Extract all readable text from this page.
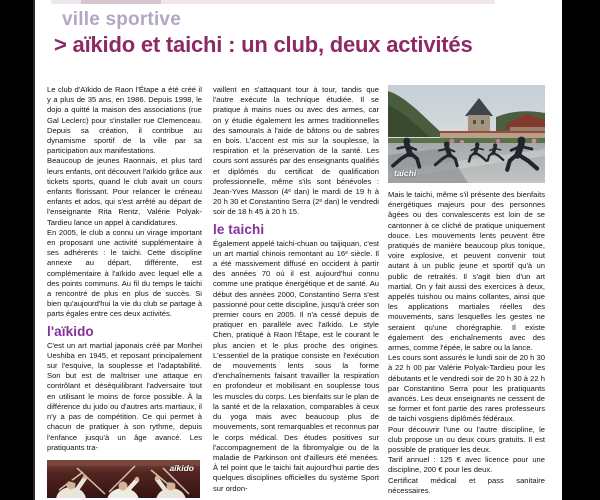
ville sportive
> aïkido et taichi : un club, deux activités

Le club d'Aïkido de Raon l'Étape a été créé il y a plus de 35 ans, en 1986. Depuis 1998, le dojo a quitté la maison des associations (rue Gal Leclerc) pour s'installer rue Clemenceau. Depuis sa création, il contribue au dynamisme sportif de la ville par sa participation aux manifestations.

Beaucoup de jeunes Raonnais, et plus tard leurs enfants, ont découvert l'aïkido grâce aux tickets sports, quand le club avait un cours enfants florissant. Pour relancer le créneau enfants et ados, qui s'est arrêté au départ de l'enseignante Rita Rentz, Valérie Polyak-Tardieu lance un appel à candidatures.

En 2005, le club a connu un virage important en proposant une activité supplémentaire à ses adhérents : le taichi. Cette discipline annexe au départ, différente, est complémentaire à l'aïkido avec lequel elle a des points communs. Au fil du temps le taichi a rencontré de plus en plus de succès. Si bien qu'aujourd'hui la vie du club se partage à parts égales entre ces deux activités.

l'aïkido

C'est un art martial japonais créé par Morihei Ueshiba en 1945, et reposant principalement sur l'esquive, la souplesse et l'adaptabilité. Son but est de maîtriser une attaque en contrôlant et déséquilibrant l'adversaire tout en utilisant le moins de force possible. À la différence du judo ou d'autres arts martiaux, il n'y a pas de compétition. Ce qui permet à chacun de pratiquer à son rythme, depuis l'enfance jusqu'à un âge avancé. Les pratiquants tra-

aïkido

vaillent en s'attaquant tour à tour, tandis que l'autre exécute la technique étudiée. Il se pratique à mains nues ou avec des armes, car on y étudie également les armes traditionnelles des samouraïs à l'aide de bâtons ou de sabres en bois. L'accent est mis sur la souplesse, la respiration et la préservation de la santé. Les cours sont assurés par des enseignants qualifiés et diplômés du certificat de qualification professionnelle, même s'ils sont bénévoles : Jean-Yves Masson (4ᵉ dan) le mardi de 19 h à 20 h 30 et Constantino Serra (2ᵉ dan) le vendredi soir de 18 h 45 à 20 h 15.

le taichi

Également appelé taichi-chuan ou taijiquan, c'est un art martial chinois remontant au 16ᵉ siècle. Il a été massivement diffusé en occident à partir des années 70 où il est aujourd'hui connu comme une pratique énergétique et de santé. Au début des années 2000, Constantino Serra s'est passionné pour cette discipline, jusqu'à créer son premier cours en 2005. Il n'a cessé depuis de pratiquer en parallèle avec l'aïkido. Le style Chen, pratiqué à Raon l'Étape, est le courant le plus ancien et le plus proche des origines. L'essentiel de la pratique consiste en l'exécution de mouvements lents sous la forme d'enchaînements faisant travailler la respiration en profondeur et mobilisant en souplesse tous les muscles du corps. Les bienfaits sur le plan de la santé et de la relaxation, comparables à ceux du yoga mais avec beaucoup plus de mouvements, sont remarquables et reconnus par le corps médical. Des études positives sur l'accompagnement de la fibromyalgie ou de la maladie de Parkinson ont d'ailleurs été menées. À tel point que le taichi fait aujourd'hui partie des quelques disciplines officielles du système Sport sur ordon-

taichi

Mais le taichi, même s'il présente des bienfaits énergétiques majeurs pour des personnes âgées ou des convalescents est loin de se cantonner à ce cliché de pratique uniquement douce. Les mouvements lents peuvent être pratiqués de manière beaucoup plus tonique, voire explosive, et peuvent convenir tout autant à un public jeune et sportif qu'à un public de retraités. Il s'agit bien d'un art martial. On y fait aussi des exercices à deux, appelés tuishou ou mains collantes, ainsi que les applications martiales réelles des mouvements, sans lesquelles les gestes ne seraient qu'une chorégraphie. Il existe également des enchaînements avec des armes, comme l'épée, le sabre ou la lance.

Les cours sont assurés le lundi soir de 20 h 30 à 22 h 00 par Valérie Polyak-Tardieu pour les débutants et le vendredi soir de 20 h 30 à 22 h par Constantino Serra pour les pratiquants avancés. Les deux enseignants ne cessent de se former et font partie des rares professeurs de taichi vosgiens diplômés fédéraux.

Pour découvrir l'une ou l'autre discipline, le club propose un ou deux cours gratuits. Il est possible de pratiquer les deux.

Tarif annuel : 125 € avec licence pour une discipline, 200 € pour les deux.

Certificat médical et pass sanitaire nécessaires.
